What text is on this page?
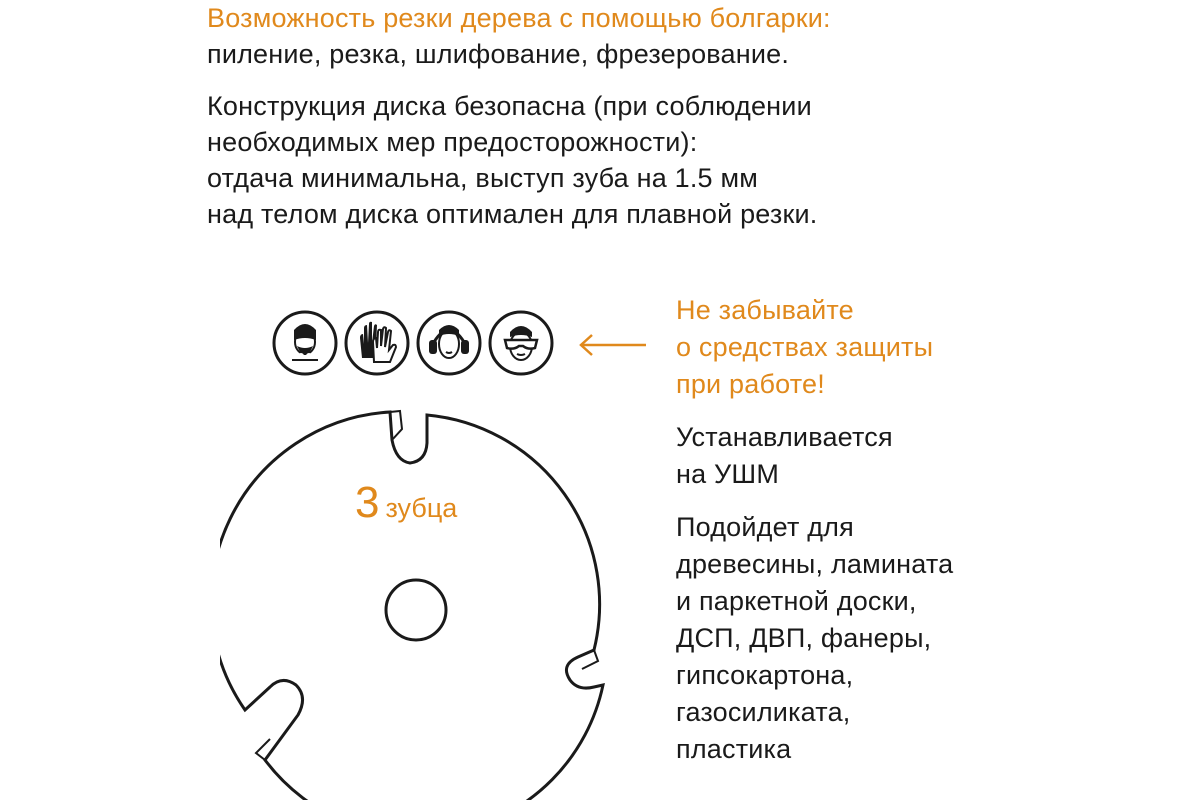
Возможность резки дерева с помощью болгарки:
пиление, резка, шлифование, фрезерование.

Конструкция диска безопасна (при соблюдении
необходимых мер предосторожности):
отдача минимальна, выступ зуба на 1.5 мм
над телом диска оптимален для плавной резки.

Не забывайте
о средствах защиты
при работе!

Устанавливается
на УШМ

Подойдет для
древесины, ламината
и паркетной доски,
ДСП, ДВП, фанеры,
гипсокартона,
газосиликата,
пластика

3 зубца
